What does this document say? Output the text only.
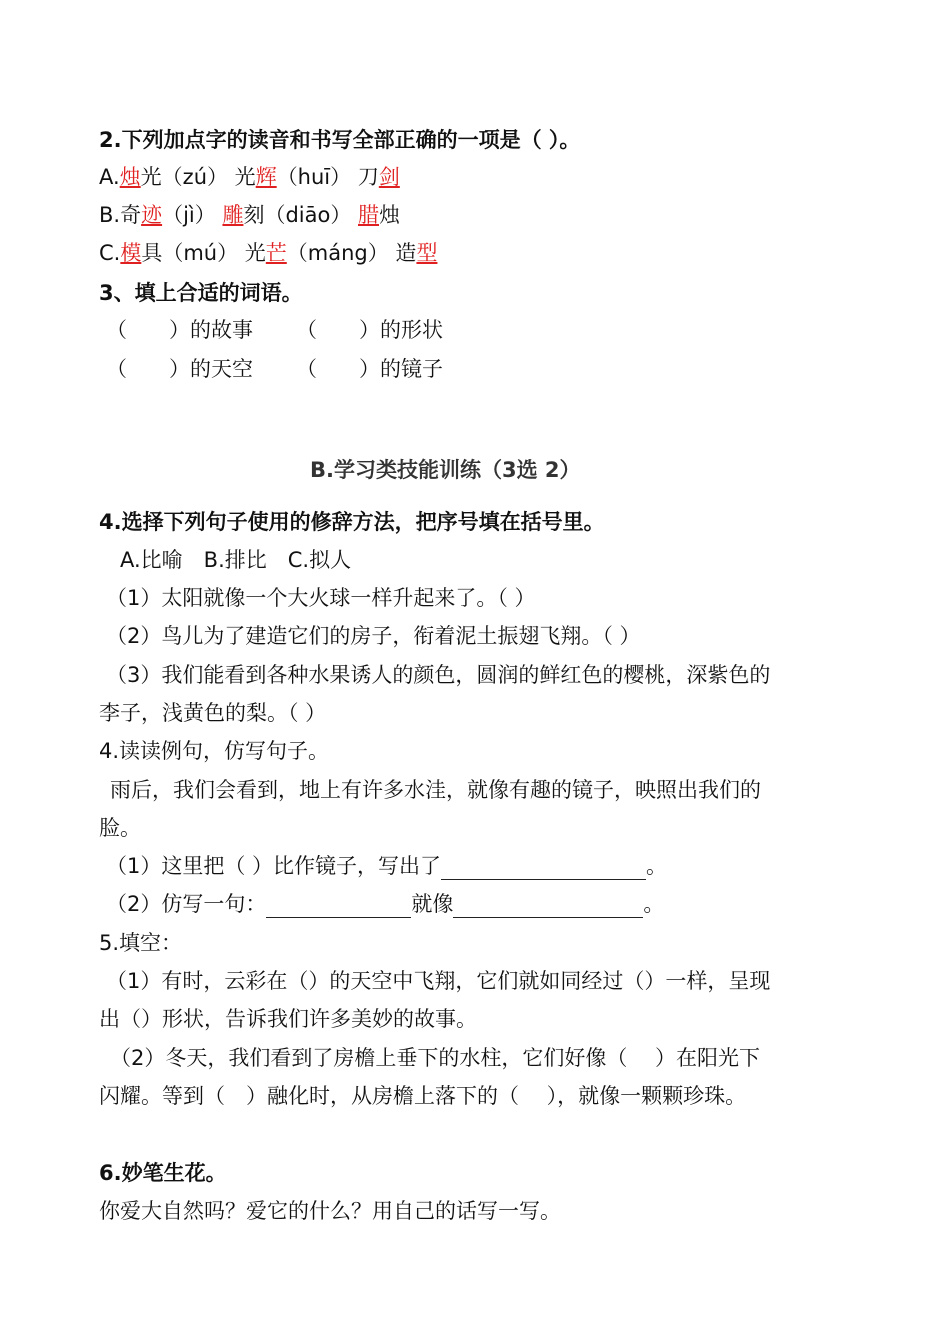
2.下列加点字的读音和书写全部正确的一项是（ ）。
A.烛光（zú） 光辉（huī） 刀剑
B.奇迹（jì） 雕刻（diāo） 腊烛
C.模具（mú） 光芒（máng） 造型
3、填上合适的词语。
（　　）的故事 （　　）的形状
（　　）的天空 （　　）的镜子
B.学习类技能训练（3选 2）
4.选择下列句子使用的修辞方法，把序号填在括号里。
A.比喻　B.排比　C.拟人
（1）太阳就像一个大火球一样升起来了。（ ）
（2）鸟儿为了建造它们的房子，衔着泥土振翅飞翔。（ ）
（3）我们能看到各种水果诱人的颜色，圆润的鲜红色的樱桃，深紫色的
李子，浅黄色的梨。（ ）
4.读读例句，仿写句子。
雨后，我们会看到，地上有许多水洼，就像有趣的镜子，映照出我们的
脸。
（1）这里把（ ）比作镜子，写出了	。
（2）仿写一句：	就像	。
5.填空：
（1）有时，云彩在（）的天空中飞翔，它们就如同经过（）一样，呈现
出（）形状，告诉我们许多美妙的故事。
（2）冬天，我们看到了房檐上垂下的水柱，它们好像（　 ）在阳光下
闪耀。等到（　）融化时，从房檐上落下的（　 ），就像一颗颗珍珠。
6.妙笔生花。
你爱大自然吗？爱它的什么？用自己的话写一写。
